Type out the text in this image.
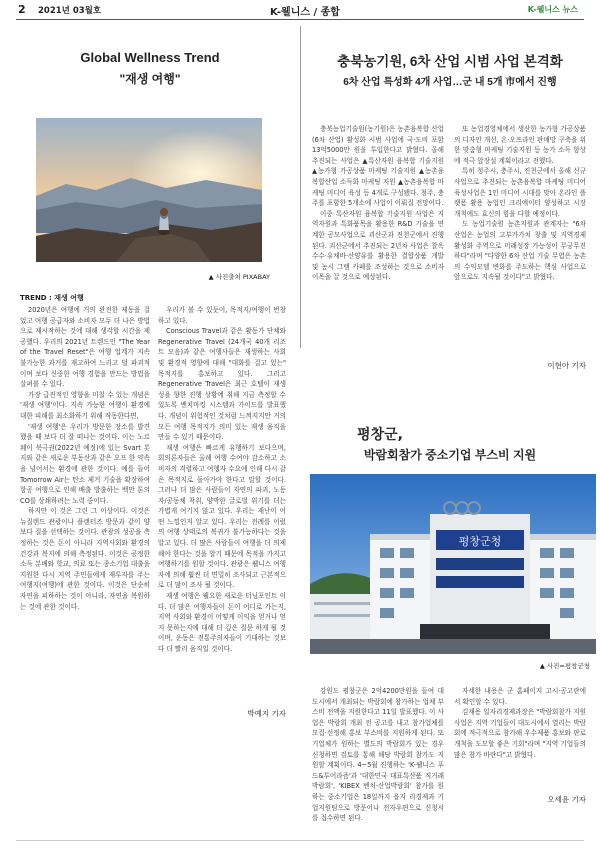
2 2021년 03월호	K-웰니스 / 종합	K-웰니스 뉴스
Global Wellness Trend
"재생 여행"
▲ 사진출처 PIXABAY
TREND : 재생 여행

2020년은 여행에 거의 완전한 제동을 걸었고 여행 공급자와 소비자 모두 더 나은 방법으로 재시작하는 것에 대해 생각할 시간을 제공했다. 우리의 2021년 트렌드인 "The Year of the Travel Reset"은 여행 업계가 지속 불가능한 과거를 재고하여 느리고 덜 파괴적이며 보다 신중한 여행 경험을 만드는 방법을 살펴볼 수 있다.

가장 급진적인 영향을 미칠 수 있는 개념은 '재생 여행'이다. 지속 가능한 여행이 환경에 대한 피해를 최소화하기 위해 작동한다면,

'재생 여행'은 우리가 방문한 장소를 발견했을 때 보다 더 잘 떠나는 것이다. 이는 노르웨이 북극권(2022년 예정)에 있는 Svart 롯지와 같은 새로운 부동산과 같은 오프 한 약속을 넘어서는 환경에 관한 것이다. 예를 들어 Tomorrow Air는 탄소 제거 기술을 확장하여 항공 여행으로 인해 배출 방출하는 백만 톤의 CO를 상쇄하려는 노력 중이다.

하지만 이 것은 그린 그 이상이다. 이것은 뉴질랜드 관광이나 플랜터즈 방문과 같이 양보다 질을 선택하는 것이다. 관광의 성공을 측정하는 것은 돈이 아니라 지역사회와 환경의 건강과 복지에 의해 측정된다. 이것은 공정한 소득 분배와 학교, 의료 또는 종소기업 대출을 지원한 다시 지역 주민들에게 재투자를 주는 여행지(여행)에 관한 것이다. 이것은 단순히 자연을 피하하는 것이 아니라, 자연을 복원하는 것에 관한 것이다.

우리가 볼 수 있듯이, 목적지/여행이 번창하고 있다.

Conscious Travel과 같은 활동가 단체와 Regenerative Travel (24개국 40개 리조트 모음)과 같은 여행사들은 재생하는 사회 및 환경적 영향에 대해 "대화를 걸고 있는" 목적지를 홍보하고 있다. 그리고 Regenerative Travel은 최근 호텔이 재생성을 향한 진행 상황에 취해 지금 측정할 수 있도록 벤치마킹 시스템과 가이드를 발표했다. 개념이 위험적인 것처럼 느껴지지만 거의 모든 여행 목적지가 의미 있는 재생 움직을 만들 수 있기 때문이다.

재생 여행은 빠르게 유행하기 보다으며, 회의론자들은 올해 여행 수여야 감소하고 소비자의 격렬하고 여행자 수요에 인해 다시 같은 목적지로 돌아가야 한다고 말할 것이다. 그러나 더 많은 사람들이 자연의 파괴, 노동자/공동체 착취, 양박한 글로벌 위기를 더는 가볍게 여기지 않고 있다. 우리는 재난이 어떤 느낌인지 알고 있다. 우리는 전례를 이렀의 여행 상태로의 복귀가 불가능하다는 것을 알고 있다. 더 많은 사람들이 여행을 더 의제해야 한다는 것을 알기 때문에 목적을 가지고 여행하기를 원할 것이다. 관광은 웰니스 여행자에 의해 훨씬 더 면밀히 조사되고 근본적으로 더 많이 조사 될 것이다.

재생 여행은 웰요한 새로운 터닝포인트 이다. 더 많은 여행자들이 돈이 어디로 가는지, 지역 사회와 환경이 어떻게 이익을 얻거나 얻지 못하는지에 대해 더 깊은 질문 하게 될 것이며, 운동은 전통주의자들이 기대하는 것보다 더 빨리 움직일 것이다.

박예지 기자
충북농기원, 6차 산업 시범 사업 본격화
6차 산업 특성화 4개 사업…군 내 5개 市에서 진행

충북농업기술원(농기원)은 농촌융복합 산업(6차 산업) 활성화 시범 사업에 국·도비 포함 13억5000만 원을 투입한다고 밝혔다. 올해 추진되는 사업은 ▲특산자원 융복합 기술지원 ▲농가형 가공상품 마케팅 기술지원 ▲농촌융복합산업 소득화 마케팅 지원 ▲농촌융복합 마케팅 미디어 육성 등 4개로 구성됐다. 청주, 충주를 포함한 5개소에 사업이 이뤄질 전망이다.

이중 특산자원 융복합 기술지원 사업은 지역자원과 특화품목을 활용한 R&D 기술을 연계한 공모사업으로 괴산군과 진천군에서 진행된다. 괴산군에서 추진되는 2년차 사업은 찰옥수수·유채바·산양유를 활용한 결합상품 개발 및 농시 그램 카페를 조성하는 것으로 소비자 이목을 끌 것으로 예상된다.

또 농업경영체에서 생산한 농가형 가공상품의 디자인 개선, 온·오프라인 판매망 구축을 위한 맞춤형 마케팅 기술지원 등 농가 소득 향상에 적극 앞장설 계획이라고 전했다.

특히 청주시, 충주시, 진천군에서 올해 신규 사업으로 추진되는 농촌융복합 마케팅 미디어 육성사업은 1인 미디어 시대를 맞아 온라인 플랫폼 활용 농업인 크리에이터 양성하고 시장 개척에도 효신의 힘을 다할 예정이다.

도 농업기술원 농촌지원과 관계자는 "6차 산업은 농업의 고부가가치 창출 및 지역경제 활성화 주역으로 미래성장 가능성이 무궁무진하다"라며 "다양한 6차 산업 기술 무엽은 농촌의 수익모델 변화를 주도하는 핵심 사업으로 앞으로도 지속될 것이다"고 밝혔다.

이현아 기자
평창군,
박람회참가 중소기업 부스비 지원
평창군청
▲ 사진=평창군청

강원도 평창군은 2억4200만원을 들여 대도시에서 개최되는 박람회에 참가하는 업체 부스비 전액을 지원한다고 11일 발표했다. 이 사업은 박람회 개최 전 공고를 내고 참가업체를 모집·선정해 홍보 부스비를 지원하게 된다. 또 기업체가 원하는 별도의 박람회가 있는 경우 신청하면 검토를 통해 해당 박람회 참가도 지원할 계획이다. 4~5월 진행하는 'K-웰니스 푸드&투어라즘'과 '대한민국 대표특산품 직거래 박람회', 'KIBEX 벤처·산업박람회' 참가를 원하는 중소기업은 18일까지 읍지 리경제과 기업지원팀으로 방문이나 전자우편으로 신청서를 접수하면 된다.

자세한 내용은 군 홈페이지 고시·공고란에서 확인할 수 있다.

김재용 일자리경제과장은 "박람회참가 지원사업은 지역 기업들이 대도시에서 열리는 박람회에 적극적으로 참가해 우수제품 홍보와 판로개척을 도모할 좋은 기회"라며 "지역 기업들의 많은 참가 바란다"고 밝혔다.

오세윤 기자
